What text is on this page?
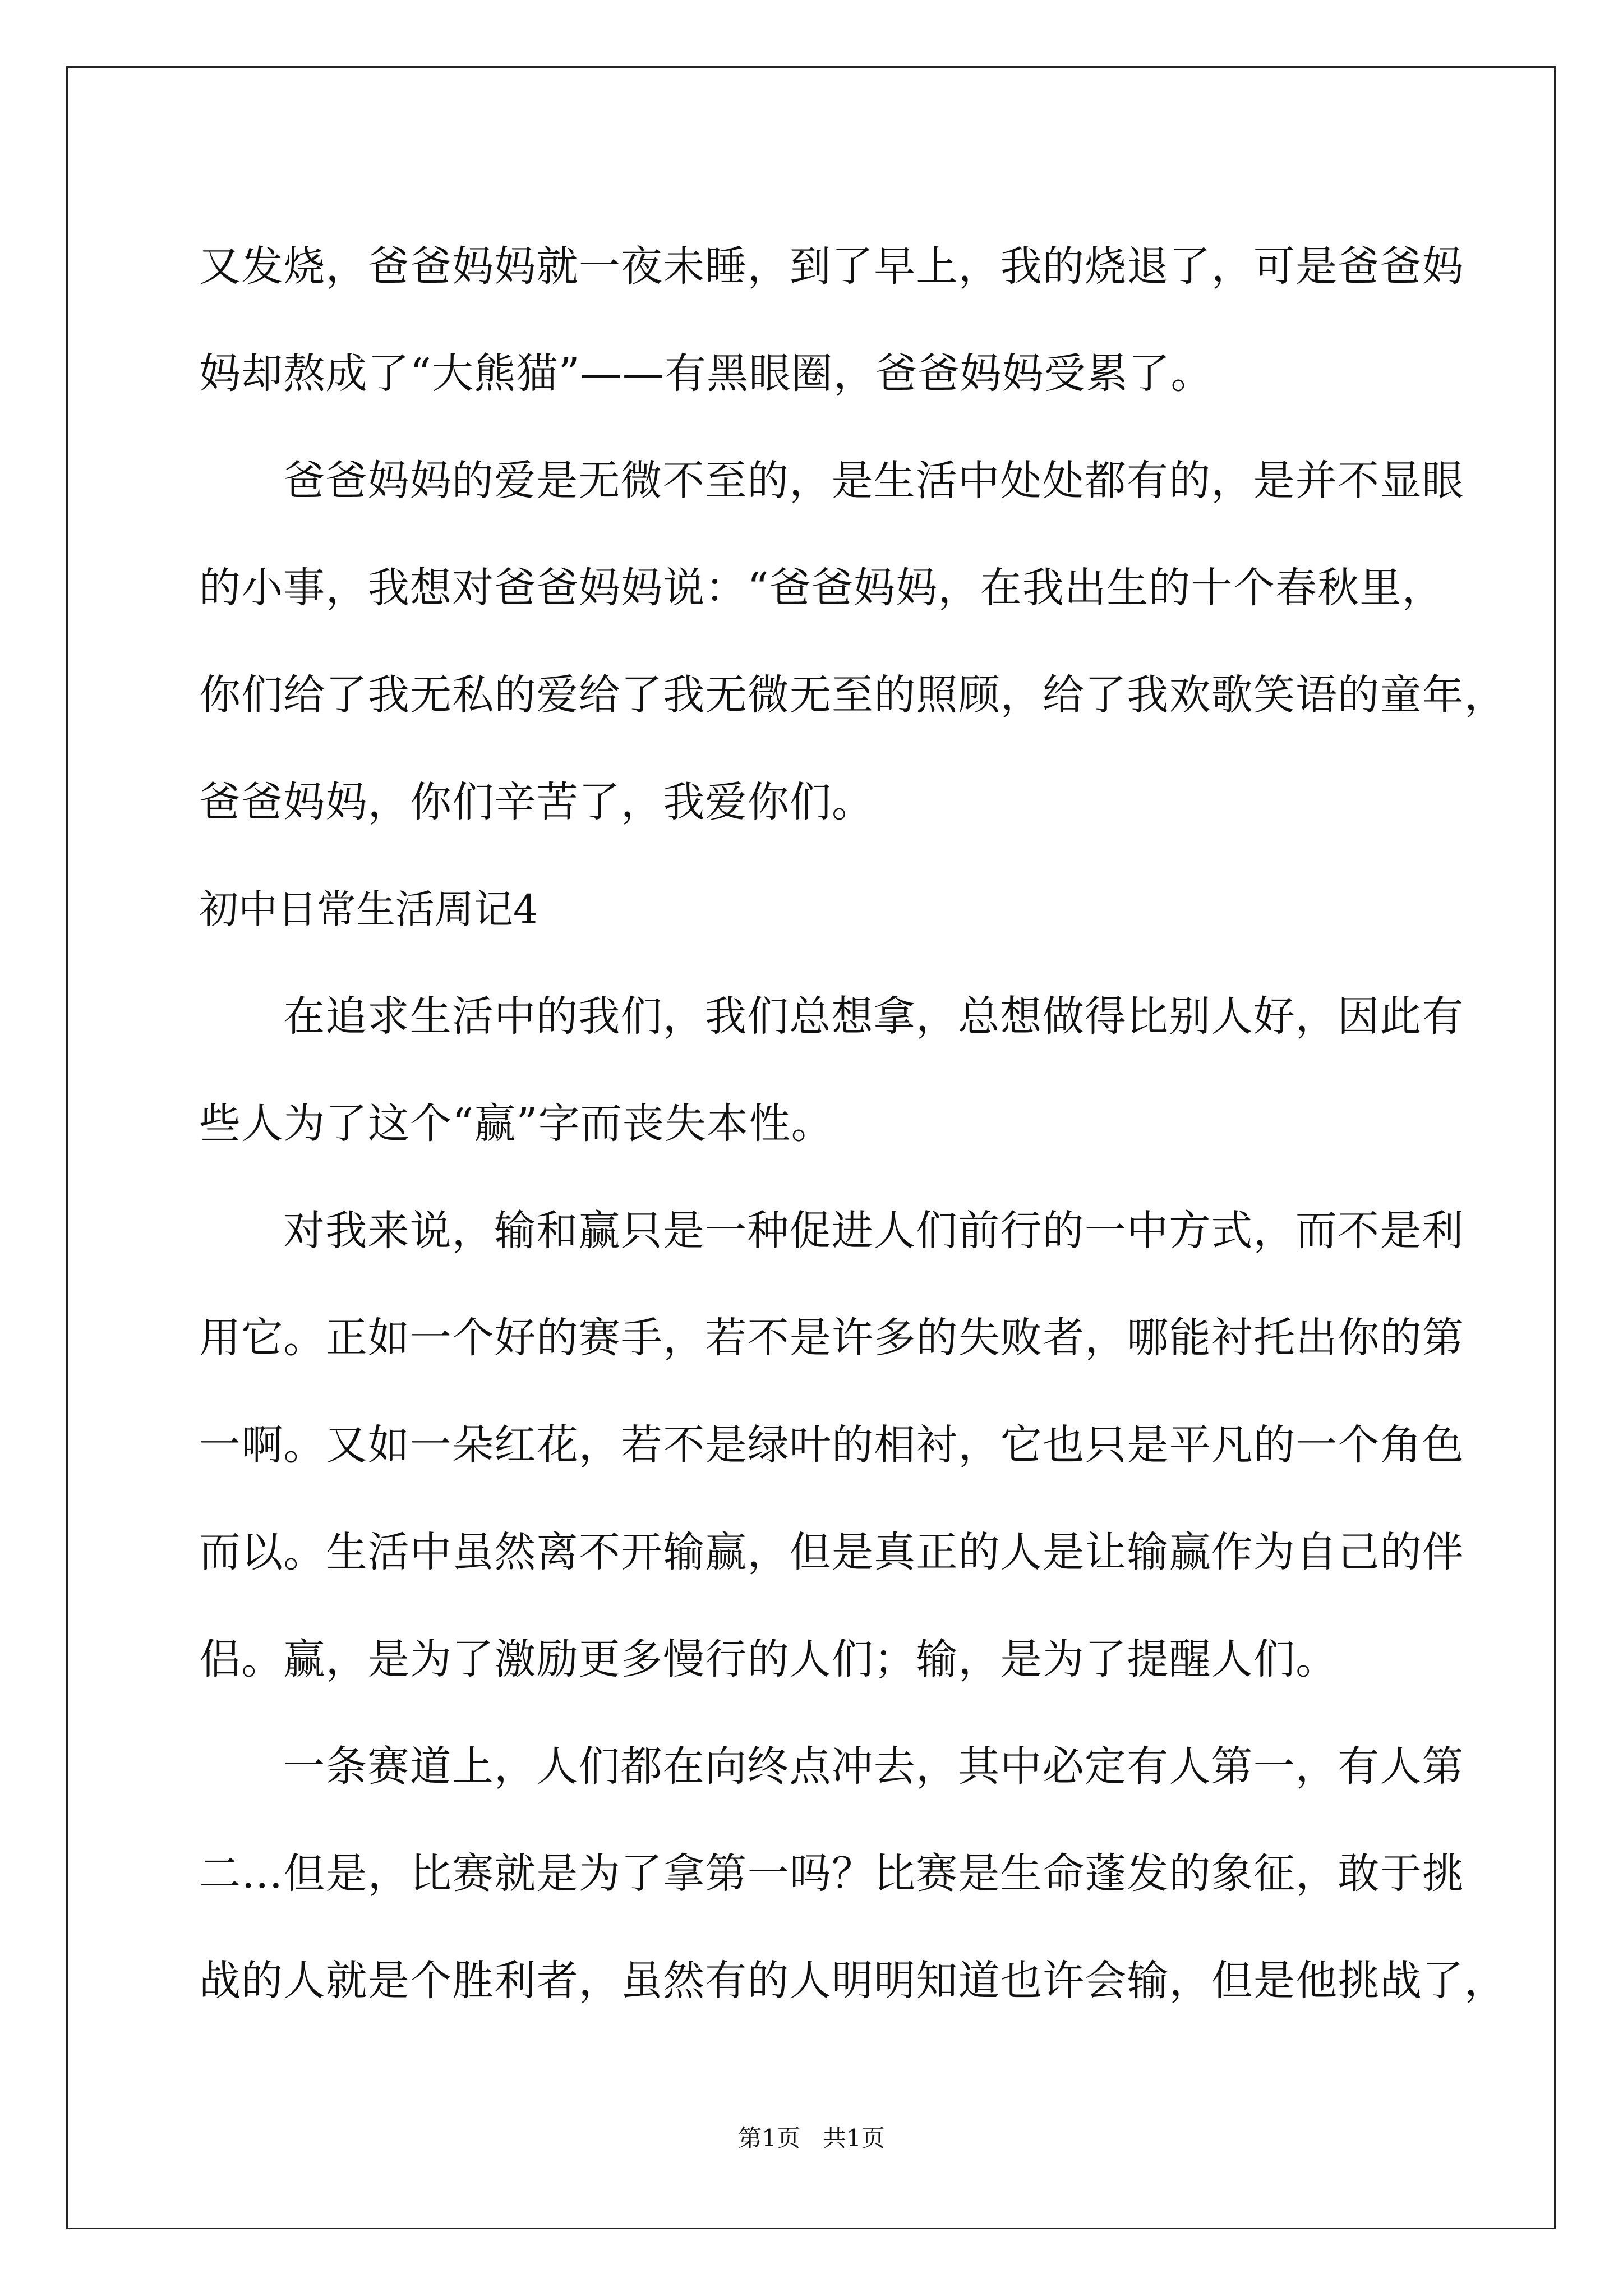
又发烧，爸爸妈妈就一夜未睡，到了早上，我的烧退了，可是爸爸妈
妈却熬成了“大熊猫”——有黑眼圈，爸爸妈妈受累了。
爸爸妈妈的爱是无微不至的，是生活中处处都有的，是并不显眼
的小事，我想对爸爸妈妈说：“爸爸妈妈，在我出生的十个春秋里，
你们给了我无私的爱给了我无微无至的照顾，给了我欢歌笑语的童年，
爸爸妈妈，你们辛苦了，我爱你们。
初中日常生活周记4
在追求生活中的我们，我们总想拿，总想做得比别人好，因此有
些人为了这个“赢”字而丧失本性。
对我来说，输和赢只是一种促进人们前行的一中方式，而不是利
用它。正如一个好的赛手，若不是许多的失败者，哪能衬托出你的第
一啊。又如一朵红花，若不是绿叶的相衬，它也只是平凡的一个角色
而以。生活中虽然离不开输赢，但是真正的人是让输赢作为自己的伴
侣。赢，是为了激励更多慢行的人们；输，是为了提醒人们。
一条赛道上，人们都在向终点冲去，其中必定有人第一，有人第
二…但是，比赛就是为了拿第一吗？比赛是生命蓬发的象征，敢于挑
战的人就是个胜利者，虽然有的人明明知道也许会输，但是他挑战了，
第1页   共1页
